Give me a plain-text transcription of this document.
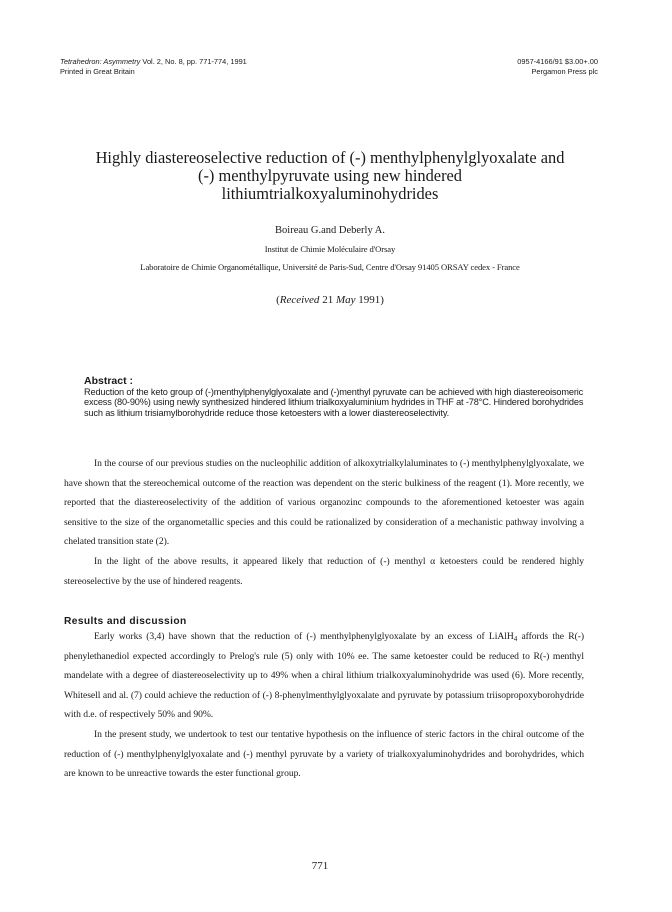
Tetrahedron: Asymmetry Vol. 2, No. 8, pp. 771-774, 1991
Printed in Great Britain
0957-4166/91 $3.00+.00
Pergamon Press plc
Highly diastereoselective reduction of (-) menthylphenylglyoxalate and
(-) menthylpyruvate using new hindered
lithiumtrialkoxyaluminohydrides
Boireau G.and Deberly A.
Institut de Chimie Moléculaire d'Orsay
Laboratoire de Chimie Organométallique, Université de Paris-Sud, Centre d'Orsay 91405 ORSAY cedex - France
(Received 21 May 1991)
Abstract :
Reduction of the keto group of (-)menthylphenylglyoxalate and (-)menthyl pyruvate can be achieved with high diastereoisomeric excess (80-90%) using newly synthesized hindered lithium trialkoxyaluminium hydrides in THF at -78°C. Hindered borohydrides such as lithium trisiamylborohydride reduce those ketoesters with a lower diastereoselectivity.

In the course of our previous studies on the nucleophilic addition of alkoxytrialkylaluminates to (-) menthylphenylglyoxalate, we have shown that the stereochemical outcome of the reaction was dependent on the steric bulkiness of the reagent (1). More recently, we reported that the diastereoselectivity of the addition of various organozinc compounds to the aforementioned ketoester was again sensitive to the size of the organometallic species and this could be rationalized by consideration of a mechanistic pathway involving a chelated transition state (2).

In the light of the above results, it appeared likely that reduction of (-) menthyl α ketoesters could be rendered highly stereoselective by the use of hindered reagents.

Results and discussion

Early works (3,4) have shown that the reduction of (-) menthylphenylglyoxalate by an excess of LiAlH$_4$ affords the R(-) phenylethanediol expected accordingly to Prelog's rule (5) only with 10% ee. The same ketoester could be reduced to R(-) menthyl mandelate with a degree of diastereoselectivity up to 49% when a chiral lithium trialkoxyaluminohydride was used (6). More recently, Whitesell and al. (7) could achieve the reduction of (-) 8-phenylmenthylglyoxalate and pyruvate by potassium triisopropoxyborohydride with d.e. of respectively 50% and 90%.

In the present study, we undertook to test our tentative hypothesis on the influence of steric factors in the chiral outcome of the reduction of (-) menthylphenylglyoxalate and (-) menthyl pyruvate by a variety of trialkoxyaluminohydrides and borohydrides, which are known to be unreactive towards the ester functional group.

771
